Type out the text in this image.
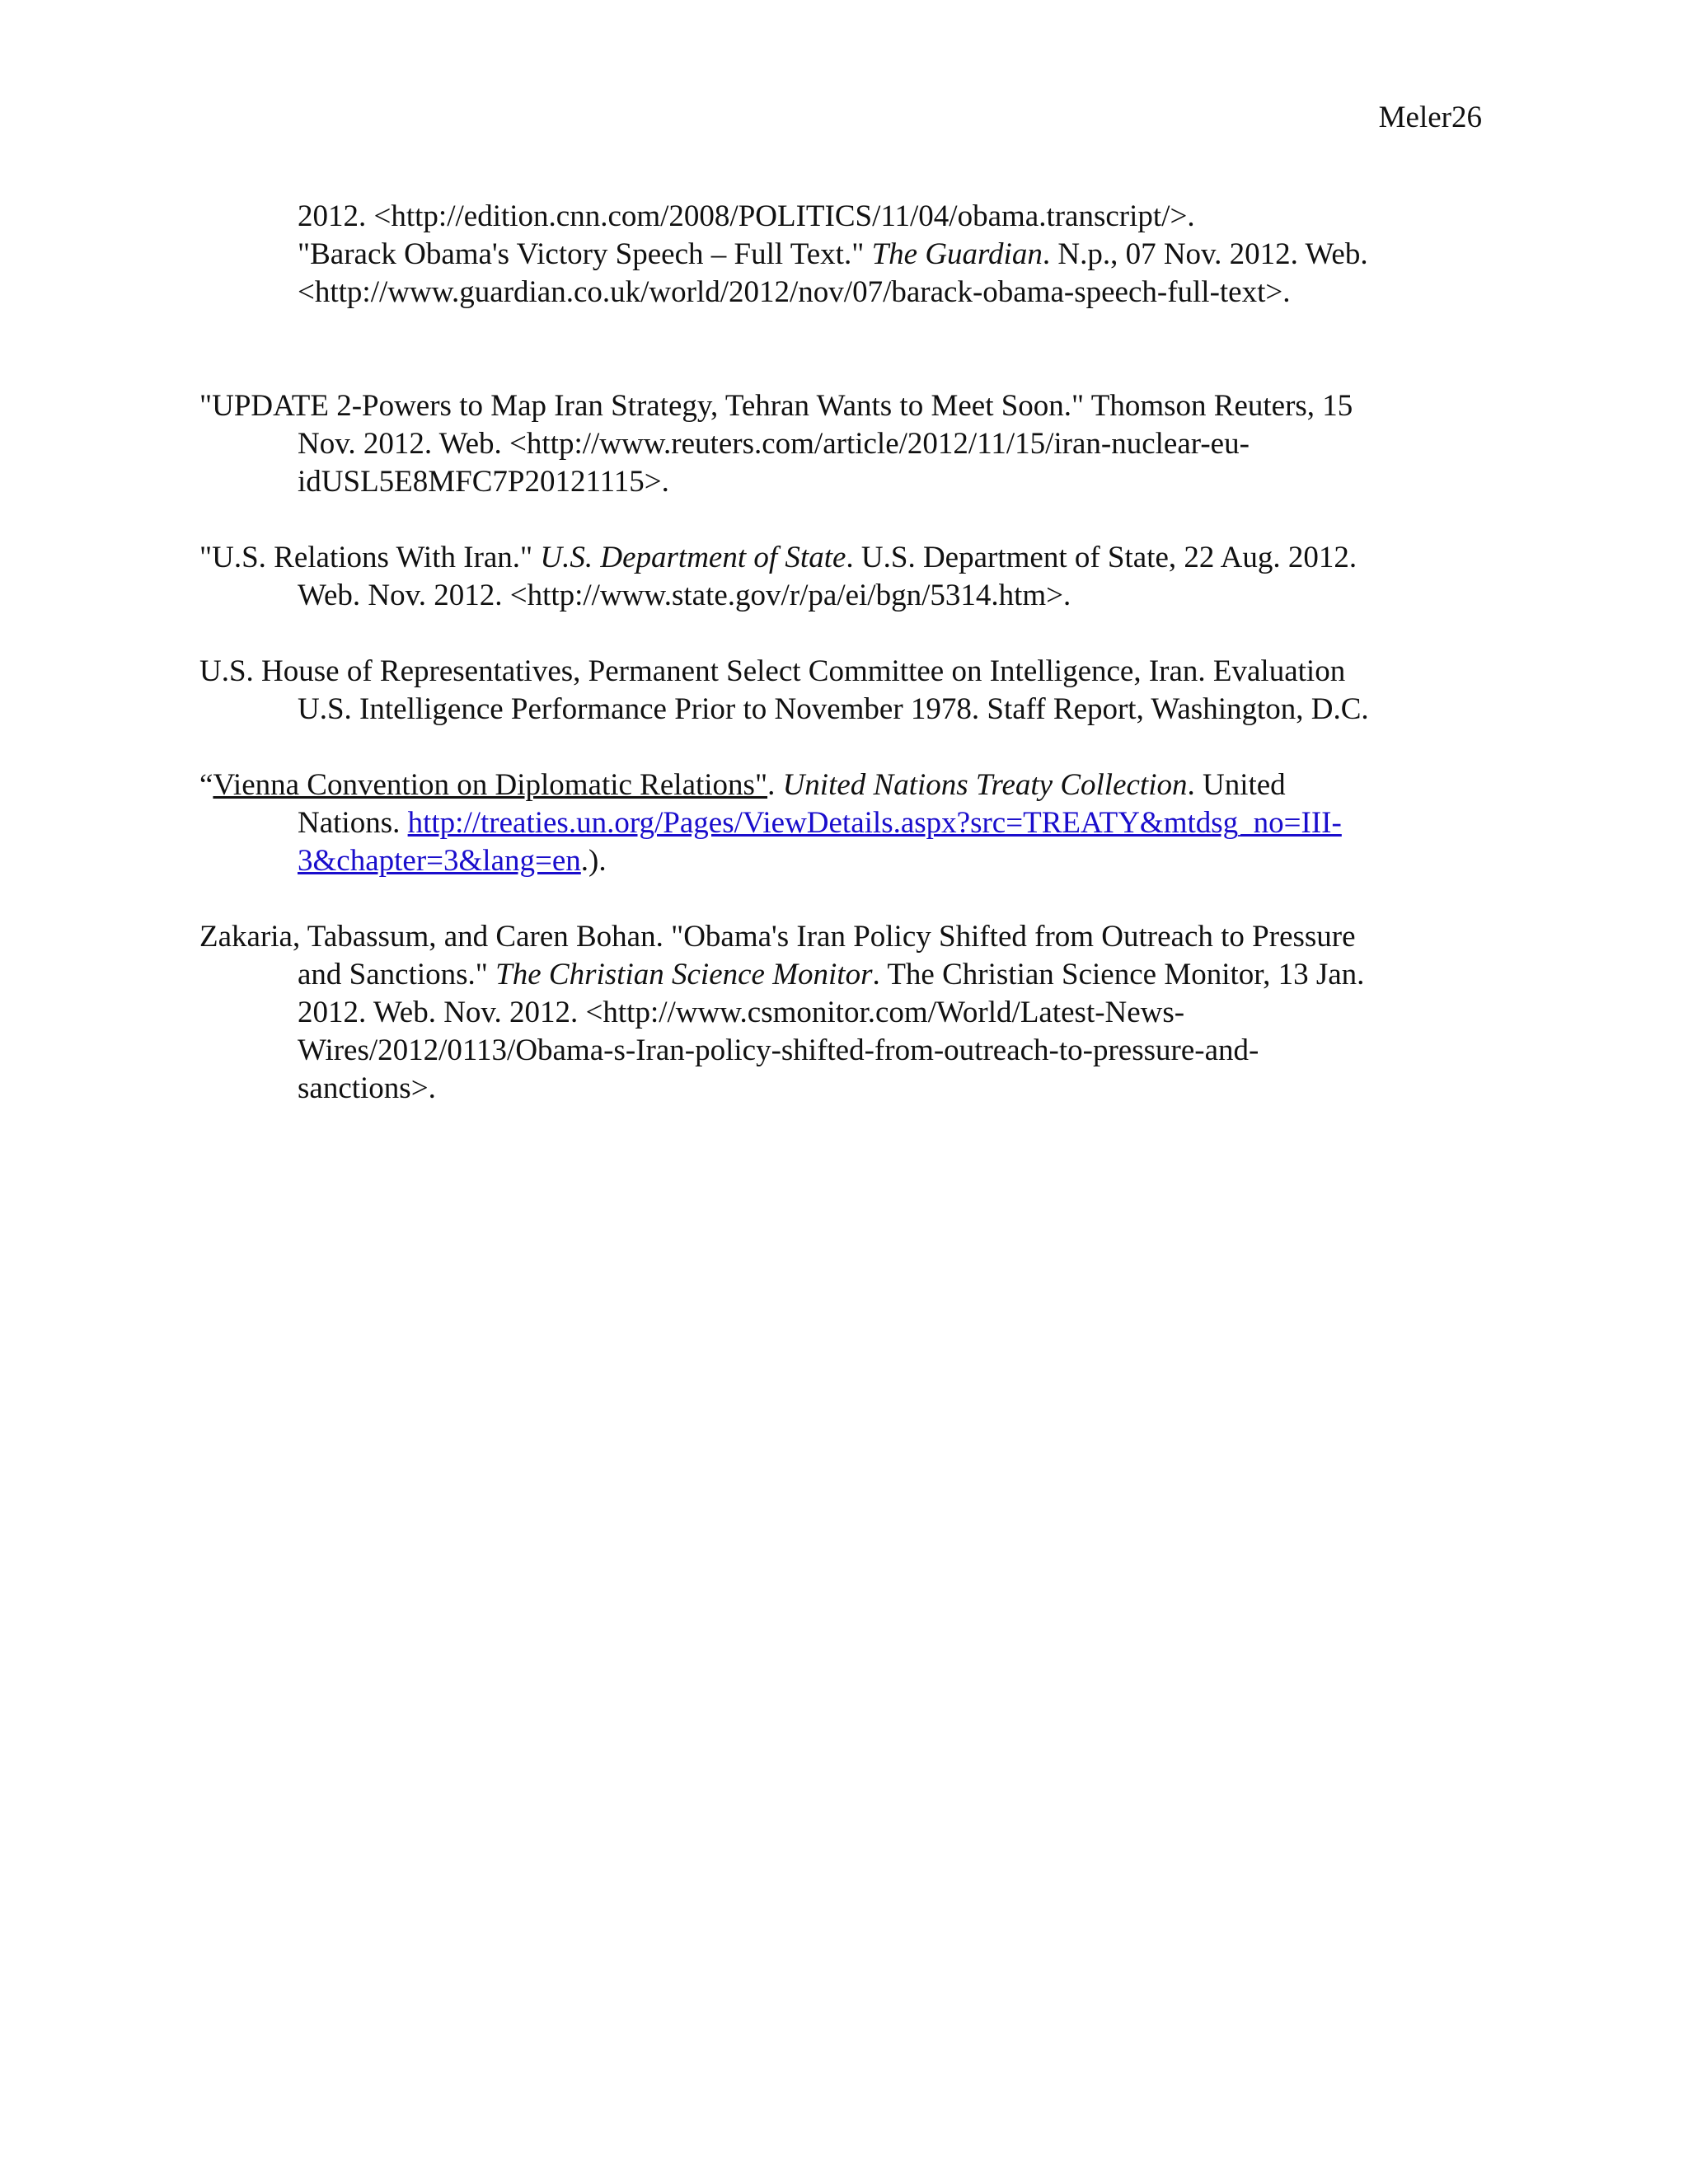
Meler26
2012. <http://edition.cnn.com/2008/POLITICS/11/04/obama.transcript/>.
"Barack Obama's Victory Speech – Full Text." The Guardian. N.p., 07 Nov. 2012. Web.
<http://www.guardian.co.uk/world/2012/nov/07/barack-obama-speech-full-text>.
"UPDATE 2-Powers to Map Iran Strategy, Tehran Wants to Meet Soon." Thomson Reuters, 15
Nov. 2012. Web. <http://www.reuters.com/article/2012/11/15/iran-nuclear-eu-
idUSL5E8MFC7P20121115>.
"U.S. Relations With Iran." U.S. Department of State. U.S. Department of State, 22 Aug. 2012.
Web. Nov. 2012. <http://www.state.gov/r/pa/ei/bgn/5314.htm>.
U.S. House of Representatives, Permanent Select Committee on Intelligence, Iran. Evaluation
U.S. Intelligence Performance Prior to November 1978. Staff Report, Washington, D.C.
“Vienna Convention on Diplomatic Relations". United Nations Treaty Collection. United
Nations. http://treaties.un.org/Pages/ViewDetails.aspx?src=TREATY&mtdsg_no=III-
3&chapter=3&lang=en.).
Zakaria, Tabassum, and Caren Bohan. "Obama's Iran Policy Shifted from Outreach to Pressure
and Sanctions." The Christian Science Monitor. The Christian Science Monitor, 13 Jan.
2012. Web. Nov. 2012. <http://www.csmonitor.com/World/Latest-News-
Wires/2012/0113/Obama-s-Iran-policy-shifted-from-outreach-to-pressure-and-
sanctions>.
